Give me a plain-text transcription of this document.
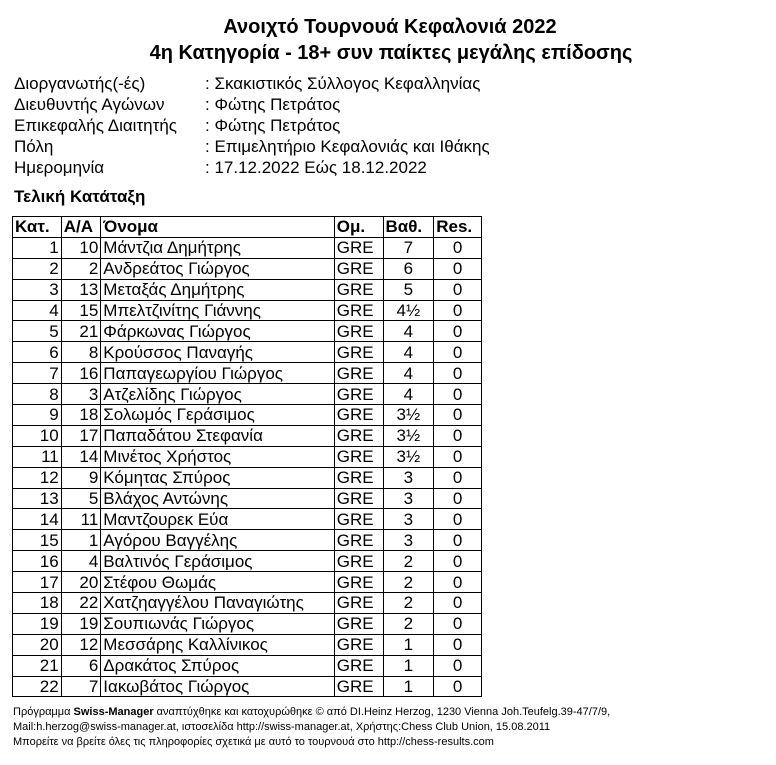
Ανοιχτό Τουρνουά Κεφαλονιά 2022
4η Κατηγορία - 18+ συν παίκτες μεγάλης επίδοσης
Διοργανωτής(-ές)	: Σκακιστικός Σύλλογος Κεφαλληνίας
Διευθυντής Αγώνων	: Φώτης Πετράτος
Επικεφαλής Διαιτητής	: Φώτης Πετράτος
Πόλη	: Επιμελητήριο Κεφαλονιάς και Ιθάκης
Ημερομηνία	: 17.12.2022 Εώς 18.12.2022
Τελική Κατάταξη
Κατ.	Α/Α	Όνομα	Ομ.	Βαθ.	Res.
1	10	Μάντζια Δημήτρης	GRE	7	0
2	2	Ανδρεάτος Γιώργος	GRE	6	0
3	13	Μεταξάς Δημήτρης	GRE	5	0
4	15	Μπελτζινίτης Γιάννης	GRE	4½	0
5	21	Φάρκωνας Γιώργος	GRE	4	0
6	8	Κρούσσος Παναγής	GRE	4	0
7	16	Παπαγεωργίου Γιώργος	GRE	4	0
8	3	Ατζελίδης Γιώργος	GRE	4	0
9	18	Σολωμός Γεράσιμος	GRE	3½	0
10	17	Παπαδάτου Στεφανία	GRE	3½	0
11	14	Μινέτος Χρήστος	GRE	3½	0
12	9	Κόμητας Σπύρος	GRE	3	0
13	5	Βλάχος Αντώνης	GRE	3	0
14	11	Μαντζουρεκ Εύα	GRE	3	0
15	1	Αγόρου Βαγγέλης	GRE	3	0
16	4	Βαλτινός Γεράσιμος	GRE	2	0
17	20	Στέφου Θωμάς	GRE	2	0
18	22	Χατζηαγγέλου Παναγιώτης	GRE	2	0
19	19	Σουπιωνάς Γιώργος	GRE	2	0
20	12	Μεσσάρης Καλλίνικος	GRE	1	0
21	6	Δρακάτος Σπύρος	GRE	1	0
22	7	Ιακωβάτος Γιώργος	GRE	1	0
Πρόγραμμα Swiss-Manager αναπτύχθηκε και κατοχυρώθηκε © από DI.Heinz Herzog, 1230 Vienna Joh.Teufelg.39-47/7/9,
Mail:h.herzog@swiss-manager.at, ιστοσελίδα http://swiss-manager.at, Χρήστης:Chess Club Union, 15.08.2011
Μπορείτε να βρείτε όλες τις πληροφορίες σχετικά με αυτό το τουρνουά στο http://chess-results.com
